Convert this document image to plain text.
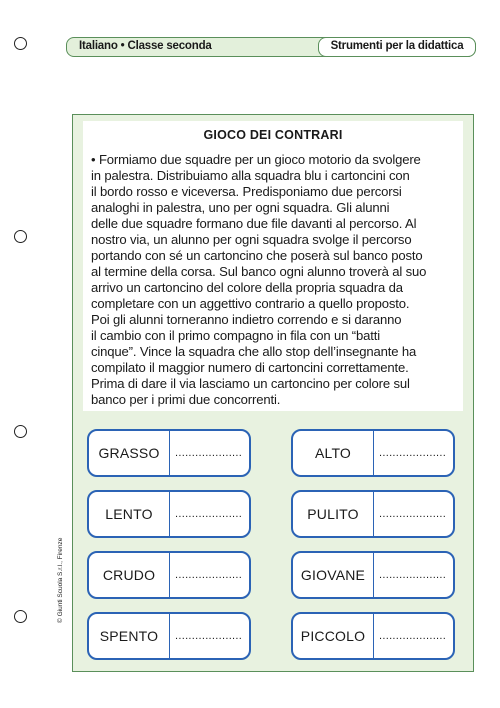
Italiano • Classe seconda	Strumenti per la didattica
© Giunti Scuola S.r.l., Firenze
GIOCO DEI CONTRARI
• Formiamo due squadre per un gioco motorio da svolgere
in palestra. Distribuiamo alla squadra blu i cartoncini con
il bordo rosso e viceversa. Predisponiamo due percorsi
analoghi in palestra, uno per ogni squadra. Gli alunni
delle due squadre formano due file davanti al percorso. Al
nostro via, un alunno per ogni squadra svolge il percorso
portando con sé un cartoncino che poserà sul banco posto
al termine della corsa. Sul banco ogni alunno troverà al suo
arrivo un cartoncino del colore della propria squadra da
completare con un aggettivo contrario a quello proposto.
Poi gli alunni torneranno indietro correndo e si daranno
il cambio con il primo compagno in fila con un “batti
cinque”. Vince la squadra che allo stop dell’insegnante ha
compilato il maggior numero di cartoncini correttamente.
Prima di dare il via lasciamo un cartoncino per colore sul
banco per i primi due concorrenti.
GRASSO	....................	ALTO	....................
LENTO	....................	PULITO	....................
CRUDO	....................	GIOVANE	....................
SPENTO	....................	PICCOLO	....................
